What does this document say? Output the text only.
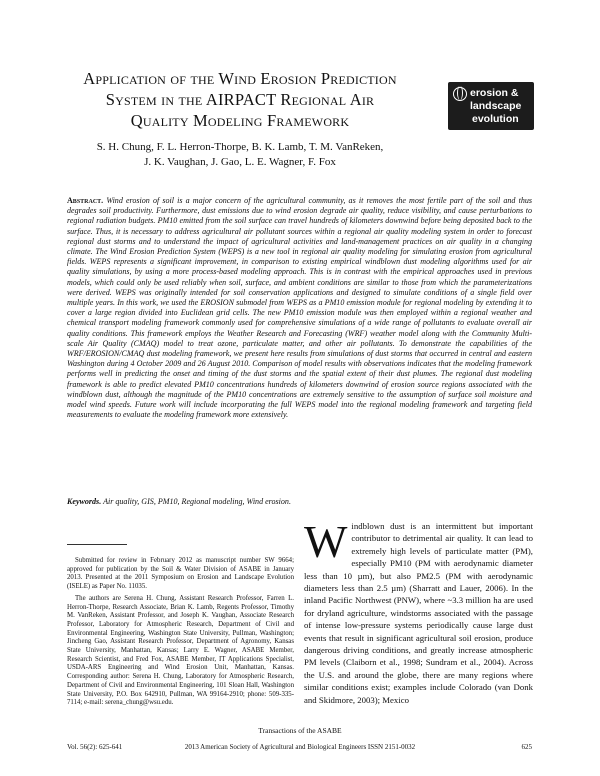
Application of the Wind Erosion Prediction
System in the AIRPACT Regional Air
Quality Modeling Framework
erosion &
landscape
evolution
S. H. Chung, F. L. Herron-Thorpe, B. K. Lamb, T. M. VanReken,
J. K. Vaughan, J. Gao, L. E. Wagner, F. Fox

Abstract. Wind erosion of soil is a major concern of the agricultural community, as it removes the most fertile part of the soil and thus degrades soil productivity. Furthermore, dust emissions due to wind erosion degrade air quality, reduce visibility, and cause perturbations to regional radiation budgets. PM10 emitted from the soil surface can travel hundreds of kilometers downwind before being deposited back to the surface. Thus, it is necessary to address agricultural air pollutant sources within a regional air quality modeling system in order to forecast regional dust storms and to understand the impact of agricultural activities and land-management practices on air quality in a changing climate. The Wind Erosion Prediction System (WEPS) is a new tool in regional air quality modeling for simulating erosion from agricultural fields. WEPS represents a significant improvement, in comparison to existing empirical windblown dust modeling algorithms used for air quality simulations, by using a more process-based modeling approach. This is in contrast with the empirical approaches used in previous models, which could only be used reliably when soil, surface, and ambient conditions are similar to those from which the parameterizations were derived. WEPS was originally intended for soil conservation applications and designed to simulate conditions of a single field over multiple years. In this work, we used the EROSION submodel from WEPS as a PM10 emission module for regional modeling by extending it to cover a large region divided into Euclidean grid cells. The new PM10 emission module was then employed within a regional weather and chemical transport modeling framework commonly used for comprehensive simulations of a wide range of pollutants to evaluate overall air quality conditions. This framework employs the Weather Research and Forecasting (WRF) weather model along with the Community Multi-scale Air Quality (CMAQ) model to treat ozone, particulate matter, and other air pollutants. To demonstrate the capabilities of the WRF/EROSION/CMAQ dust modeling framework, we present here results from simulations of dust storms that occurred in central and eastern Washington during 4 October 2009 and 26 August 2010. Comparison of model results with observations indicates that the modeling framework performs well in predicting the onset and timing of the dust storms and the spatial extent of their dust plumes. The regional dust modeling framework is able to predict elevated PM10 concentrations hundreds of kilometers downwind of erosion source regions associated with the windblown dust, although the magnitude of the PM10 concentrations are extremely sensitive to the assumption of surface soil moisture and model wind speeds. Future work will include incorporating the full WEPS model into the regional modeling framework and targeting field measurements to evaluate the modeling framework more extensively.

Keywords. Air quality, GIS, PM10, Regional modeling, Wind erosion.

Submitted for review in February 2012 as manuscript number SW 9664; approved for publication by the Soil & Water Division of ASABE in January 2013. Presented at the 2011 Symposium on Erosion and Landscape Evolution (ISELE) as Paper No. 11035.

The authors are Serena H. Chung, Assistant Research Professor, Farren L. Herron-Thorpe, Research Associate, Brian K. Lamb, Regents Professor, Timothy M. VanReken, Assistant Professor, and Joseph K. Vaughan, Associate Research Professor, Laboratory for Atmospheric Research, Department of Civil and Environmental Engineering, Washington State University, Pullman, Washington; Jincheng Gao, Assistant Research Professor, Department of Agronomy, Kansas State University, Manhattan, Kansas; Larry E. Wagner, ASABE Member, Research Scientist, and Fred Fox, ASABE Member, IT Applications Specialist, USDA-ARS Engineering and Wind Erosion Unit, Manhattan, Kansas. Corresponding author: Serena H. Chung, Laboratory for Atmospheric Research, Department of Civil and Environmental Engineering, 101 Sloan Hall, Washington State University, P.O. Box 642910, Pullman, WA 99164-2910; phone: 509-335-7114; e-mail: serena_chung@wsu.edu.

Windblown dust is an intermittent but important contributor to detrimental air quality. It can lead to extremely high levels of particulate matter (PM), especially PM10 (PM with aerodynamic diameter less than 10 µm), but also PM2.5 (PM with aerodynamic diameters less than 2.5 µm) (Sharratt and Lauer, 2006). In the inland Pacific Northwest (PNW), where ~3.3 million ha are used for dryland agriculture, windstorms associated with the passage of intense low-pressure systems periodically cause large dust events that result in significant agricultural soil erosion, produce dangerous driving conditions, and greatly increase atmospheric PM levels (Claiborn et al., 1998; Sundram et al., 2004). Across the U.S. and around the globe, there are many regions where similar conditions exist; examples include Colorado (van Donk and Skidmore, 2003); Mexico

Transactions of the ASABE
Vol. 56(2): 625-641	2013 American Society of Agricultural and Biological Engineers ISSN 2151-0032	625
